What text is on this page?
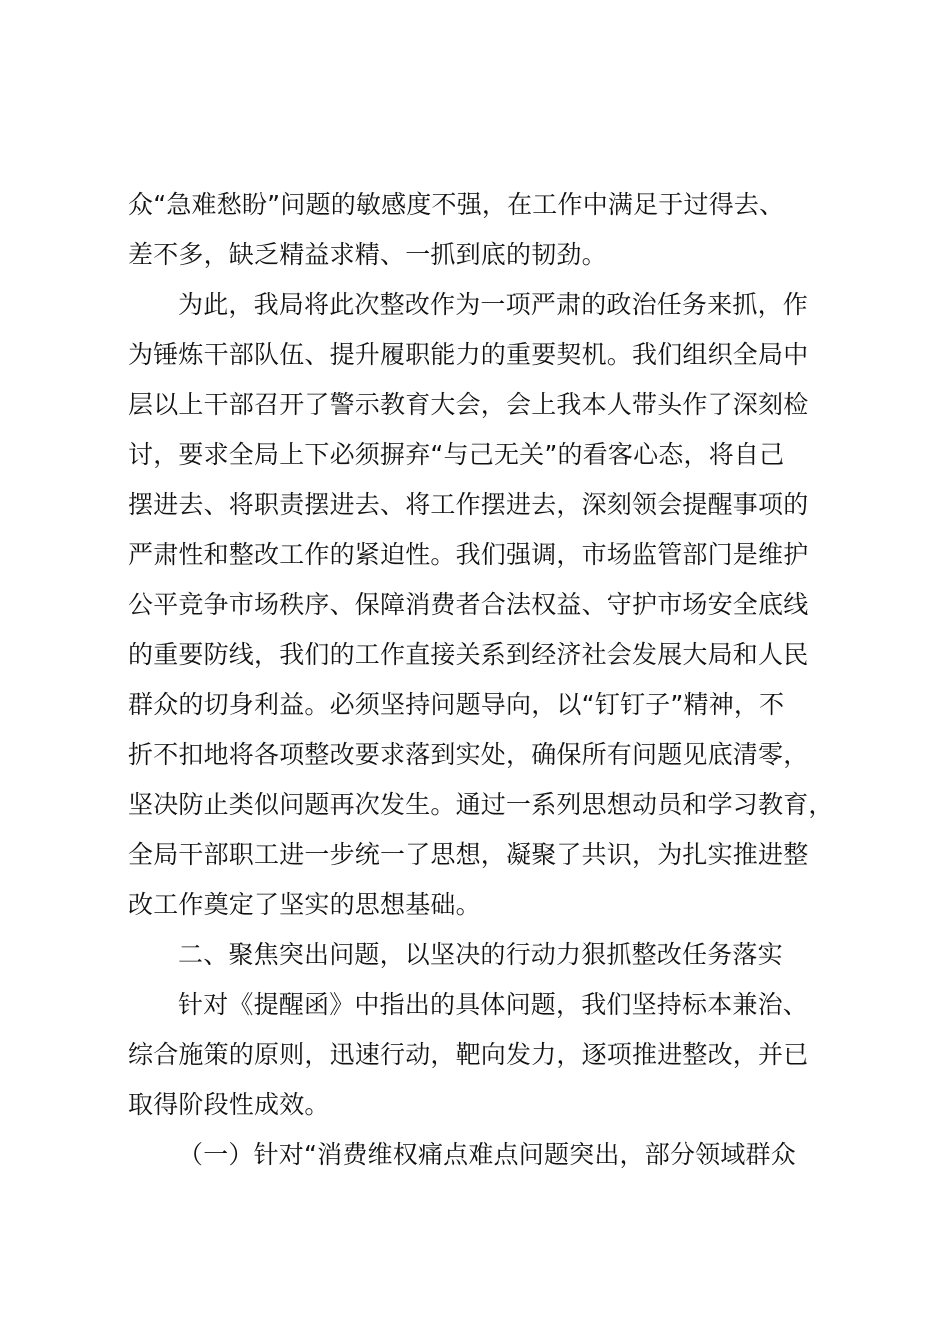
众“急难愁盼”问题的敏感度不强，在工作中满足于过得去、
差不多，缺乏精益求精、一抓到底的韧劲。
为此，我局将此次整改作为一项严肃的政治任务来抓，作
为锤炼干部队伍、提升履职能力的重要契机。我们组织全局中
层以上干部召开了警示教育大会，会上我本人带头作了深刻检
讨，要求全局上下必须摒弃“与己无关”的看客心态，将自己
摆进去、将职责摆进去、将工作摆进去，深刻领会提醒事项的
严肃性和整改工作的紧迫性。我们强调，市场监管部门是维护
公平竞争市场秩序、保障消费者合法权益、守护市场安全底线
的重要防线，我们的工作直接关系到经济社会发展大局和人民
群众的切身利益。必须坚持问题导向，以“钉钉子”精神，不
折不扣地将各项整改要求落到实处，确保所有问题见底清零，
坚决防止类似问题再次发生。通过一系列思想动员和学习教育，
全局干部职工进一步统一了思想，凝聚了共识，为扎实推进整
改工作奠定了坚实的思想基础。
二、聚焦突出问题，以坚决的行动力狠抓整改任务落实
针对《提醒函》中指出的具体问题，我们坚持标本兼治、
综合施策的原则，迅速行动，靶向发力，逐项推进整改，并已
取得阶段性成效。
（一）针对“消费维权痛点难点问题突出，部分领域群众
